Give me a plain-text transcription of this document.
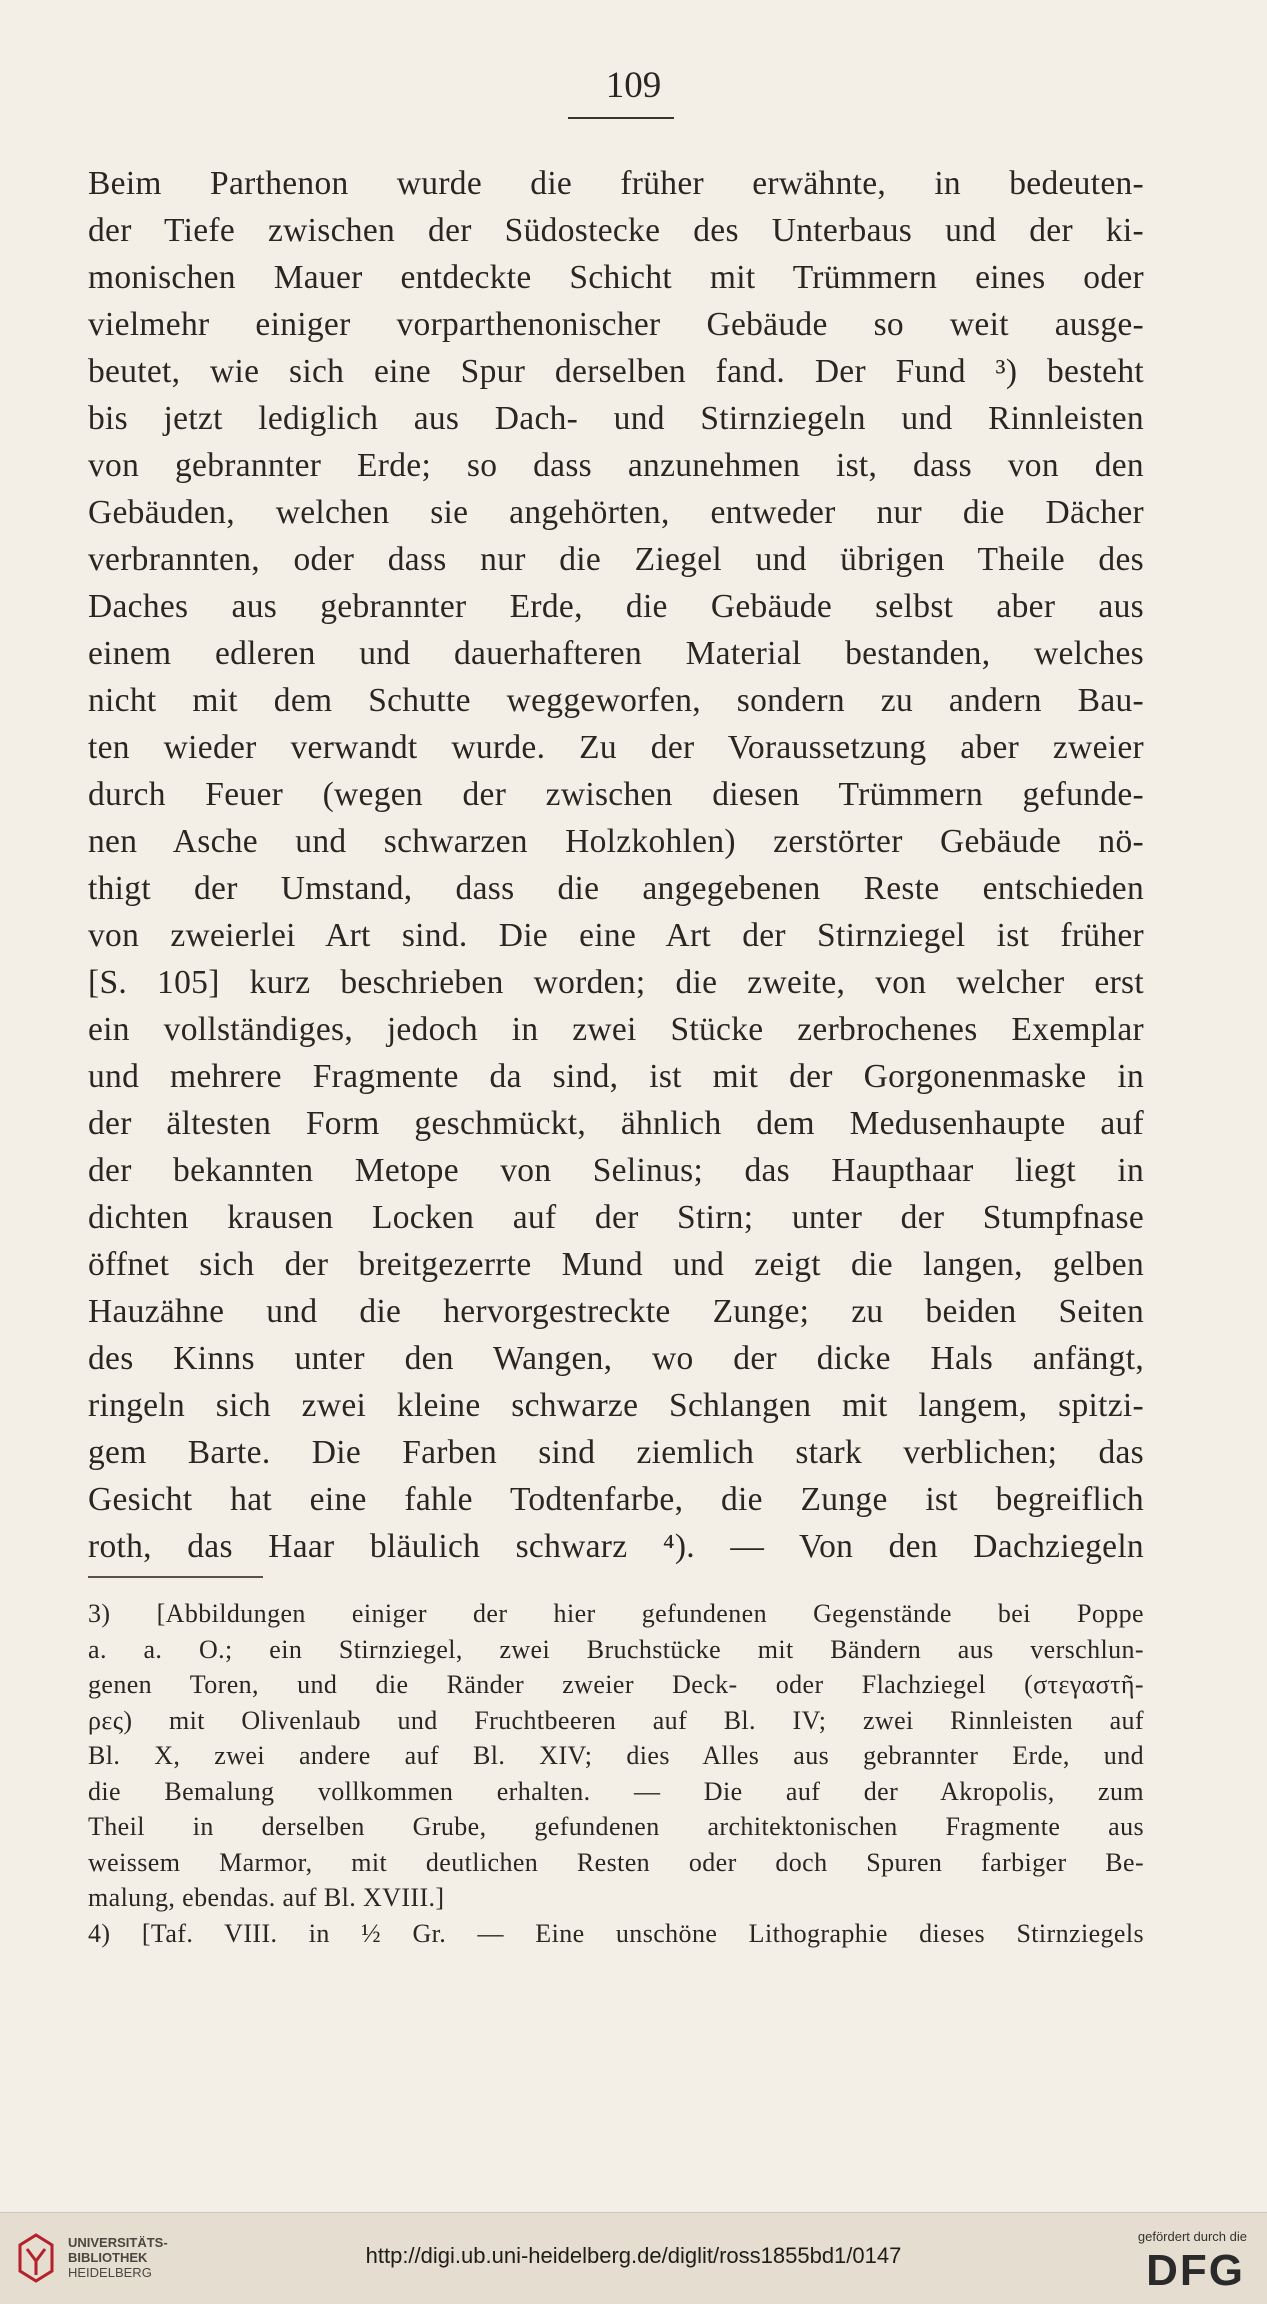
109
Beim Parthenon wurde die früher erwähnte, in bedeuten-
der Tiefe zwischen der Südostecke des Unterbaus und der ki-
monischen Mauer entdeckte Schicht mit Trümmern eines oder
vielmehr einiger vorparthenonischer Gebäude so weit ausge-
beutet, wie sich eine Spur derselben fand. Der Fund ³) besteht
bis jetzt lediglich aus Dach- und Stirnziegeln und Rinnleisten
von gebrannter Erde; so dass anzunehmen ist, dass von den
Gebäuden, welchen sie angehörten, entweder nur die Dächer
verbrannten, oder dass nur die Ziegel und übrigen Theile des
Daches aus gebrannter Erde, die Gebäude selbst aber aus
einem edleren und dauerhafteren Material bestanden, welches
nicht mit dem Schutte weggeworfen, sondern zu andern Bau-
ten wieder verwandt wurde. Zu der Voraussetzung aber zweier
durch Feuer (wegen der zwischen diesen Trümmern gefunde-
nen Asche und schwarzen Holzkohlen) zerstörter Gebäude nö-
thigt der Umstand, dass die angegebenen Reste entschieden
von zweierlei Art sind. Die eine Art der Stirnziegel ist früher
[S. 105] kurz beschrieben worden; die zweite, von welcher erst
ein vollständiges, jedoch in zwei Stücke zerbrochenes Exemplar
und mehrere Fragmente da sind, ist mit der Gorgonenmaske in
der ältesten Form geschmückt, ähnlich dem Medusenhaupte auf
der bekannten Metope von Selinus; das Haupthaar liegt in
dichten krausen Locken auf der Stirn; unter der Stumpfnase
öffnet sich der breitgezerrte Mund und zeigt die langen, gelben
Hauzähne und die hervorgestreckte Zunge; zu beiden Seiten
des Kinns unter den Wangen, wo der dicke Hals anfängt,
ringeln sich zwei kleine schwarze Schlangen mit langem, spitzi-
gem Barte. Die Farben sind ziemlich stark verblichen; das
Gesicht hat eine fahle Todtenfarbe, die Zunge ist begreiflich
roth, das Haar bläulich schwarz ⁴). — Von den Dachziegeln
3) [Abbildungen einiger der hier gefundenen Gegenstände bei Poppe
a. a. O.; ein Stirnziegel, zwei Bruchstücke mit Bändern aus verschlun-
genen Toren, und die Ränder zweier Deck- oder Flachziegel (στεγαστῆ-
ρες) mit Olivenlaub und Fruchtbeeren auf Bl. IV; zwei Rinnleisten auf
Bl. X, zwei andere auf Bl. XIV; dies Alles aus gebrannter Erde, und
die Bemalung vollkommen erhalten. — Die auf der Akropolis, zum
Theil in derselben Grube, gefundenen architektonischen Fragmente aus
weissem Marmor, mit deutlichen Resten oder doch Spuren farbiger Be-
malung, ebendas. auf Bl. XVIII.]
4) [Taf. VIII. in ½ Gr. — Eine unschöne Lithographie dieses Stirnziegels
UNIVERSITÄTS-
BIBLIOTHEK
HEIDELBERG
http://digi.ub.uni-heidelberg.de/diglit/ross1855bd1/0147
gefördert durch die
DFG
